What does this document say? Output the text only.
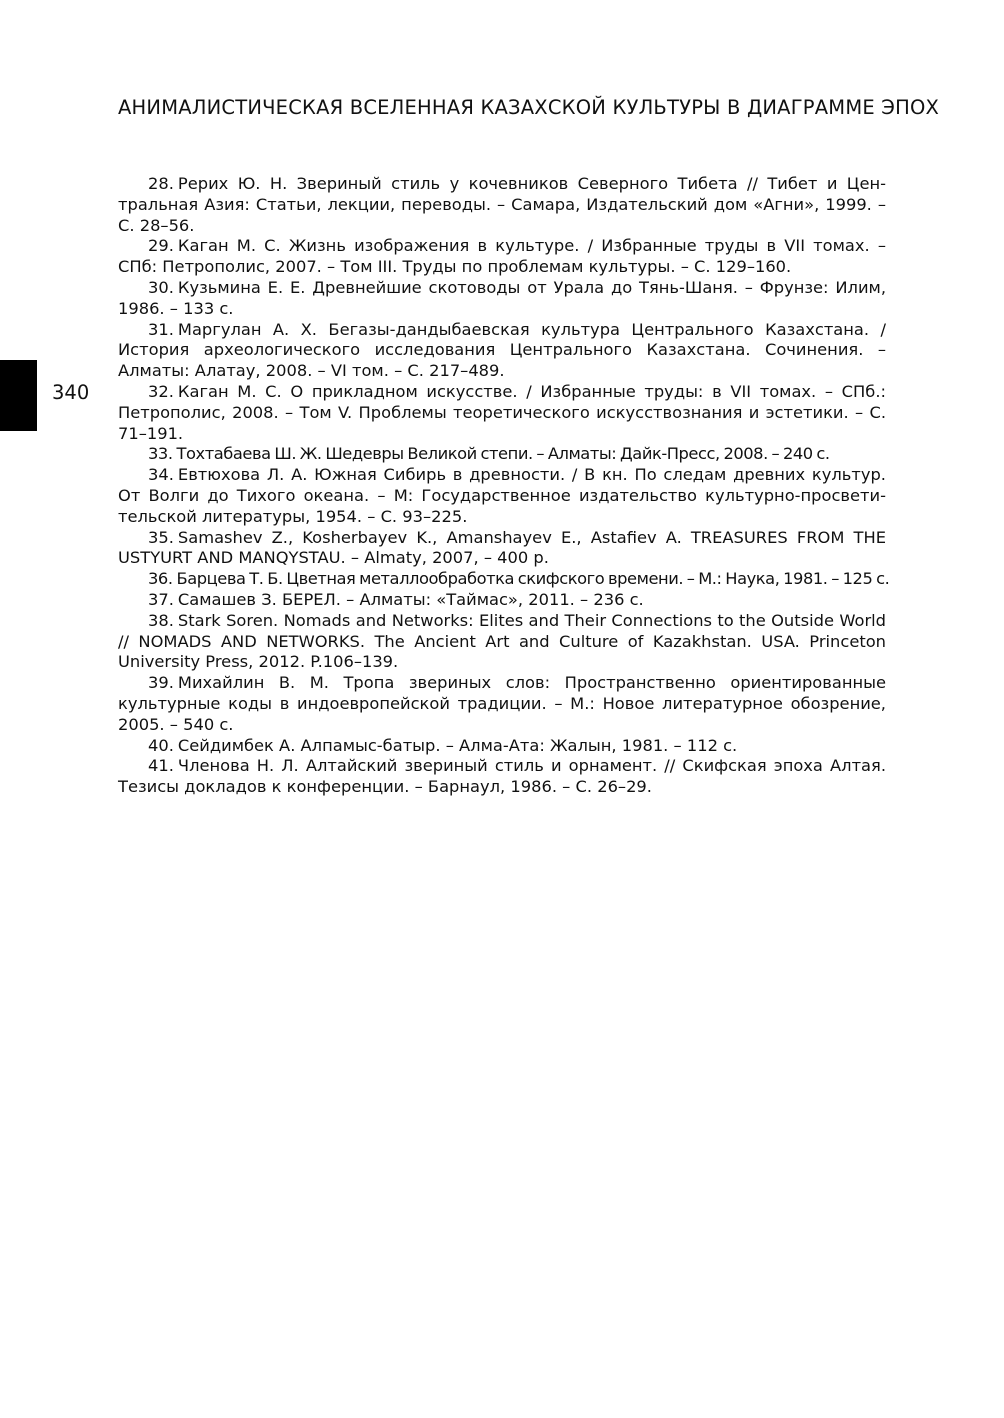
АНИМАЛИСТИЧЕСКАЯ ВСЕЛЕННАЯ КАЗАХСКОЙ КУЛЬТУРЫ В ДИАГРАММЕ ЭПОХ
340
28. Рерих Ю. Н. Звериный стиль у кочевников Северного Тибета // Тибет и Центральная Азия: Статьи, лекции, переводы. – Самара, Издательский дом «Агни», 1999. – С. 28–56.
29. Каган М. С. Жизнь изображения в культуре. / Избранные труды в VII томах. – СПб: Петрополис, 2007. – Том III. Труды по проблемам культуры. – С. 129–160.
30. Кузьмина Е. Е. Древнейшие скотоводы от Урала до Тянь-Шаня. – Фрунзе: Илим, 1986. – 133 с.
31. Маргулан А. Х. Бегазы-дандыбаевская культура Центрального Казахстана. / История археологического исследования Центрального Казахстана. Сочинения. – Алматы: Алатау, 2008. – VI том. – С. 217–489.
32. Каган М. С. О прикладном искусстве. / Избранные труды: в VII томах. – СПб.: Петрополис, 2008. – Том V. Проблемы теоретического искусствознания и эстетики. – С. 71–191.
33. Тохтабаева Ш. Ж. Шедевры Великой степи. – Алматы: Дайк-Пресс, 2008. – 240 с.
34. Евтюхова Л. А. Южная Сибирь в древности. / В кн. По следам древних культур. От Волги до Тихого океана. – М: Государственное издательство культурно-просветительской литературы, 1954. – С. 93–225.
35. Samashev Z., Kosherbayev K., Amanshayev E., Astafiev A. TREASURES FROM THE USTYURT AND MANQYSTAU. – Almaty, 2007, – 400 p.
36. Барцева Т. Б. Цветная металлообработка скифского времени. – М.: Наука, 1981. – 125 с.
37. Самашев З. БЕРЕЛ. – Алматы: «Таймас», 2011. – 236 с.
38. Stark Soren. Nomads and Networks: Elites and Their Connections to the Outside World // NOMADS AND NETWORKS. The Ancient Art and Culture of Kazakhstan. USA. Princeton University Press, 2012. P.106–139.
39. Михайлин В. М. Тропа звериных слов: Пространственно ориентированные культурные коды в индоевропейской традиции. – М.: Новое литературное обозрение, 2005. – 540 с.
40. Сейдимбек А. Алпамыс-батыр. – Алма-Ата: Жалын, 1981. – 112 с.
41. Членова Н. Л. Алтайский звериный стиль и орнамент. // Скифская эпоха Алтая. Тезисы докладов к конференции. – Барнаул, 1986. – С. 26–29.
